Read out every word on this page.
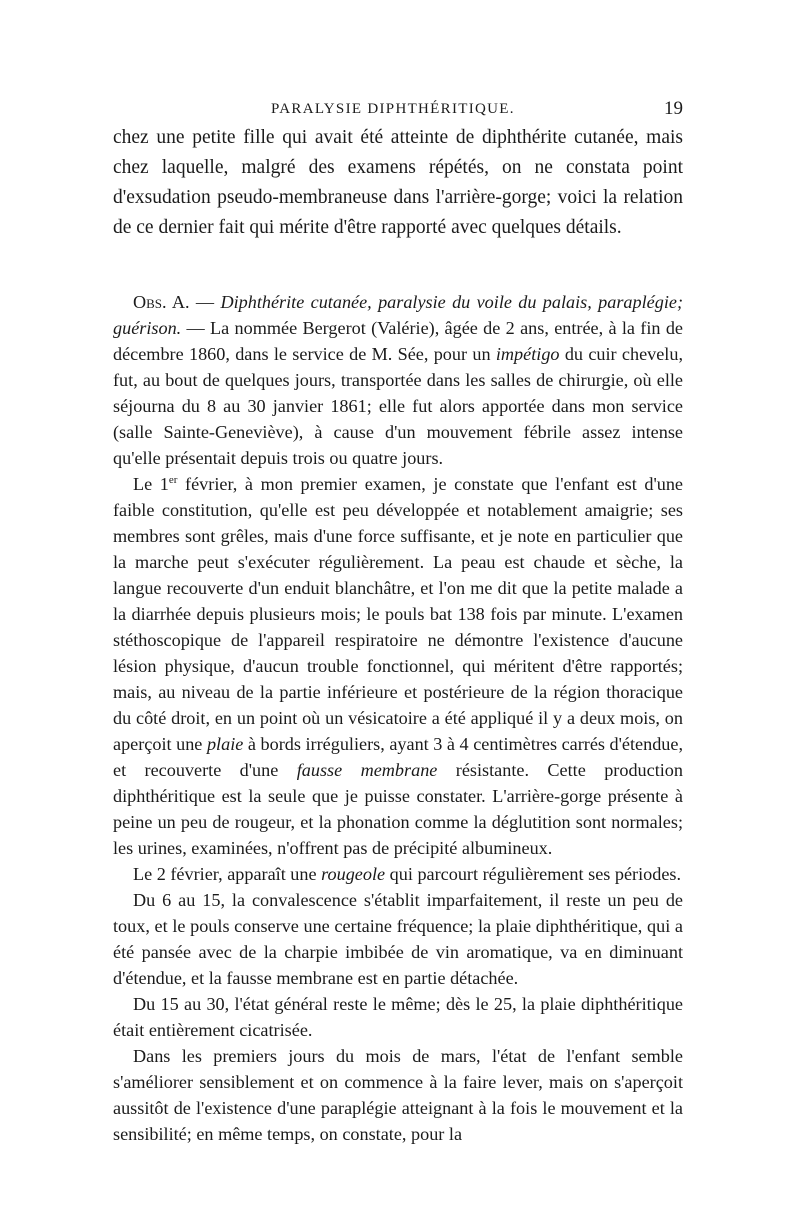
PARALYSIE DIPHTHÉRITIQUE.	19

chez une petite fille qui avait été atteinte de diphthérite cutanée, mais chez laquelle, malgré des examens répétés, on ne constata point d'exsudation pseudo-membraneuse dans l'arrière-gorge; voici la relation de ce dernier fait qui mérite d'être rapporté avec quelques détails.

Obs. A. — Diphthérite cutanée, paralysie du voile du palais, paraplégie; guérison. — La nommée Bergerot (Valérie), âgée de 2 ans, entrée, à la fin de décembre 1860, dans le service de M. Sée, pour un impétigo du cuir chevelu, fut, au bout de quelques jours, transportée dans les salles de chirurgie, où elle séjourna du 8 au 30 janvier 1861; elle fut alors apportée dans mon service (salle Sainte-Geneviève), à cause d'un mouvement fébrile assez intense qu'elle présentait depuis trois ou quatre jours.

Le 1er février, à mon premier examen, je constate que l'enfant est d'une faible constitution, qu'elle est peu développée et notablement amaigrie; ses membres sont grêles, mais d'une force suffisante, et je note en particulier que la marche peut s'exécuter régulièrement. La peau est chaude et sèche, la langue recouverte d'un enduit blanchâtre, et l'on me dit que la petite malade a la diarrhée depuis plusieurs mois; le pouls bat 138 fois par minute. L'examen stéthoscopique de l'appareil respiratoire ne démontre l'existence d'aucune lésion physique, d'aucun trouble fonctionnel, qui méritent d'être rapportés; mais, au niveau de la partie inférieure et postérieure de la région thoracique du côté droit, en un point où un vésicatoire a été appliqué il y a deux mois, on aperçoit une plaie à bords irréguliers, ayant 3 à 4 centimètres carrés d'étendue, et recouverte d'une fausse membrane résistante. Cette production diphthéritique est la seule que je puisse constater. L'arrière-gorge présente à peine un peu de rougeur, et la phonation comme la déglutition sont normales; les urines, examinées, n'offrent pas de précipité albumineux.

Le 2 février, apparaît une rougeole qui parcourt régulièrement ses périodes.

Du 6 au 15, la convalescence s'établit imparfaitement, il reste un peu de toux, et le pouls conserve une certaine fréquence; la plaie diphthéritique, qui a été pansée avec de la charpie imbibée de vin aromatique, va en diminuant d'étendue, et la fausse membrane est en partie détachée.

Du 15 au 30, l'état général reste le même; dès le 25, la plaie diphthéritique était entièrement cicatrisée.

Dans les premiers jours du mois de mars, l'état de l'enfant semble s'améliorer sensiblement et on commence à la faire lever, mais on s'aperçoit aussitôt de l'existence d'une paraplégie atteignant à la fois le mouvement et la sensibilité; en même temps, on constate, pour la
